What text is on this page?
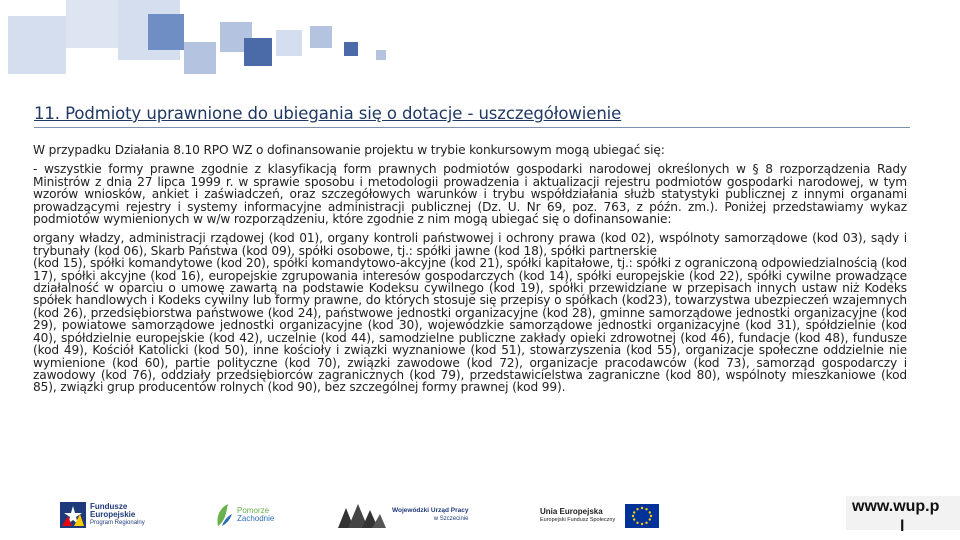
11. Podmioty uprawnione do ubiegania się o dotacje - uszczegółowienie

W przypadku Działania 8.10 RPO WZ o dofinansowanie projektu w trybie konkursowym mogą ubiegać się:

- wszystkie formy prawne zgodnie z klasyfikacją form prawnych podmiotów gospodarki narodowej określonych w § 8 rozporządzenia Rady Ministrów z dnia 27 lipca 1999 r. w sprawie sposobu i metodologii prowadzenia i aktualizacji rejestru podmiotów gospodarki narodowej, w tym wzorów wniosków, ankiet i zaświadczeń, oraz szczegółowych warunków i trybu współdziałania służb statystyki publicznej z innymi organami prowadzącymi rejestry i systemy informacyjne administracji publicznej (Dz. U. Nr 69, poz. 763, z późn. zm.). Poniżej przedstawiamy wykaz podmiotów wymienionych w w/w rozporządzeniu, które zgodnie z nim mogą ubiegać się o dofinansowanie:

organy władzy, administracji rządowej (kod 01), organy kontroli państwowej i ochrony prawa (kod 02), wspólnoty samorządowe (kod 03), sądy i trybunały (kod 06), Skarb Państwa (kod 09), spółki osobowe, tj.: spółki jawne (kod 18), spółki partnerskie

(kod 15), spółki komandytowe (kod 20), spółki komandytowo-akcyjne (kod 21), spółki kapitałowe, tj.: spółki z ograniczoną odpowiedzialnością (kod 17), spółki akcyjne (kod 16), europejskie zgrupowania interesów gospodarczych (kod 14), spółki europejskie (kod 22), spółki cywilne prowadzące działalność w oparciu o umowę zawartą na podstawie Kodeksu cywilnego (kod 19), spółki przewidziane w przepisach innych ustaw niż Kodeks spółek handlowych i Kodeks cywilny lub formy prawne, do których stosuje się przepisy o spółkach (kod23), towarzystwa ubezpieczeń wzajemnych (kod 26), przedsiębiorstwa państwowe (kod 24), państwowe jednostki organizacyjne (kod 28), gminne samorządowe jednostki organizacyjne (kod 29), powiatowe samorządowe jednostki organizacyjne (kod 30), wojewódzkie samorządowe jednostki organizacyjne (kod 31), spółdzielnie (kod 40), spółdzielnie europejskie (kod 42), uczelnie (kod 44), samodzielne publiczne zakłady opieki zdrowotnej (kod 46), fundacje (kod 48), fundusze (kod 49), Kościół Katolicki (kod 50), inne kościoły i związki wyznaniowe (kod 51), stowarzyszenia (kod 55), organizacje społeczne oddzielnie nie wymienione (kod 60), partie polityczne (kod 70), związki zawodowe (kod 72), organizacje pracodawców (kod 73), samorząd gospodarczy i zawodowy (kod 76), oddziały przedsiębiorców zagranicznych (kod 79), przedstawicielstwa zagraniczne (kod 80), wspólnoty mieszkaniowe (kod 85), związki grup producentów rolnych (kod 90), bez szczególnej formy prawnej (kod 99).

Fundusze
Europejskie
Program Regionalny
Pomorze
Zachodnie
Wojewódzki Urząd Pracy
w Szczecinie
Unia Europejska
Europejski Fundusz Społeczny
www.wup.p
l
